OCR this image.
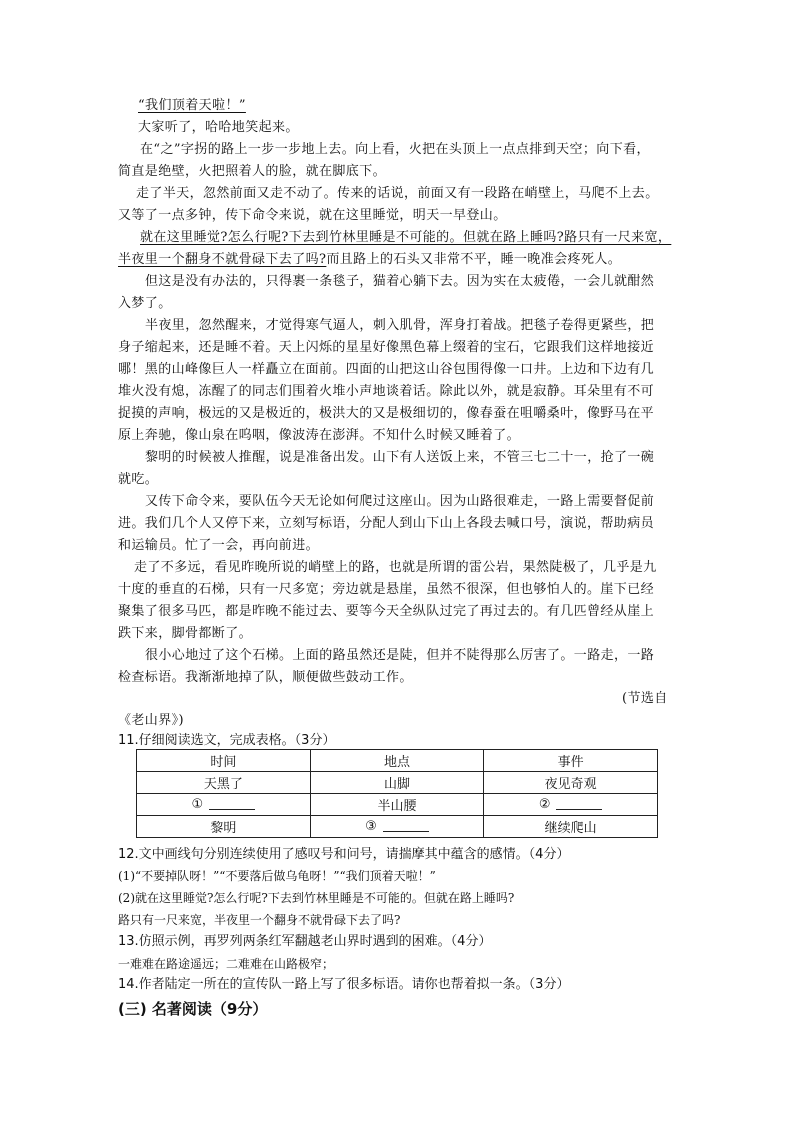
“我们顶着天啦！”
大家听了，哈哈地笑起来。
在“之”字拐的路上一步一步地上去。向上看，火把在头顶上一点点排到天空；向下看，
简直是绝壁，火把照着人的脸，就在脚底下。
走了半天，忽然前面又走不动了。传来的话说，前面又有一段路在峭壁上，马爬不上去。
又等了一点多钟，传下命令来说，就在这里睡觉，明天一早登山。
就在这里睡觉?怎么行呢?下去到竹林里睡是不可能的。但就在路上睡吗?路只有一尺来宽，
半夜里一个翻身不就骨碌下去了吗?而且路上的石头又非常不平，睡一晚准会疼死人。
但这是没有办法的，只得裹一条毯子，猫着心躺下去。因为实在太疲倦，一会儿就酣然
入梦了。
半夜里，忽然醒来，才觉得寒气逼人，刺入肌骨，浑身打着战。把毯子卷得更紧些，把
身子缩起来，还是睡不着。天上闪烁的星星好像黑色幕上缀着的宝石，它跟我们这样地接近
哪！黑的山峰像巨人一样矗立在面前。四面的山把这山谷包围得像一口井。上边和下边有几
堆火没有熄，冻醒了的同志们围着火堆小声地谈着话。除此以外，就是寂静。耳朵里有不可
捉摸的声响，极远的又是极近的，极洪大的又是极细切的，像春蚕在咀嚼桑叶，像野马在平
原上奔驰，像山泉在呜咽，像波涛在澎湃。不知什么时候又睡着了。
黎明的时候被人推醒，说是准备出发。山下有人送饭上来，不管三七二十一，抢了一碗
就吃。
又传下命令来，要队伍今天无论如何爬过这座山。因为山路很难走，一路上需要督促前
进。我们几个人又停下来，立刻写标语，分配人到山下山上各段去喊口号，演说，帮助病员
和运输员。忙了一会，再向前进。
走了不多远，看见昨晚所说的峭壁上的路，也就是所谓的雷公岩，果然陡极了，几乎是九
十度的垂直的石梯，只有一尺多宽；旁边就是悬崖，虽然不很深，但也够怕人的。崖下已经
聚集了很多马匹，都是昨晚不能过去、要等今天全纵队过完了再过去的。有几匹曾经从崖上
跌下来，脚骨都断了。
很小心地过了这个石梯。上面的路虽然还是陡，但并不陡得那么厉害了。一路走，一路
检查标语。我渐渐地掉了队，顺便做些鼓动工作。
(节选自
《老山界》)
11.仔细阅读选文，完成表格。（3分）
时间	地点	事件
天黑了	山脚	夜见奇观
①	半山腰	②
黎明	③	继续爬山
12.文中画线句分别连续使用了感叹号和问号，请揣摩其中蕴含的感情。（4分）
(1)“不要掉队呀！”“不要落后做乌龟呀！”“我们顶着天啦！”
(2)就在这里睡觉?怎么行呢?下去到竹林里睡是不可能的。但就在路上睡吗?
路只有一尺来宽，半夜里一个翻身不就骨碌下去了吗?
13.仿照示例，再罗列两条红军翻越老山界时遇到的困难。（4分）
一难难在路途遥远；二难难在山路极窄；
14.作者陆定一所在的宣传队一路上写了很多标语。请你也帮着拟一条。（3分）
(三) 名著阅读（9分）
